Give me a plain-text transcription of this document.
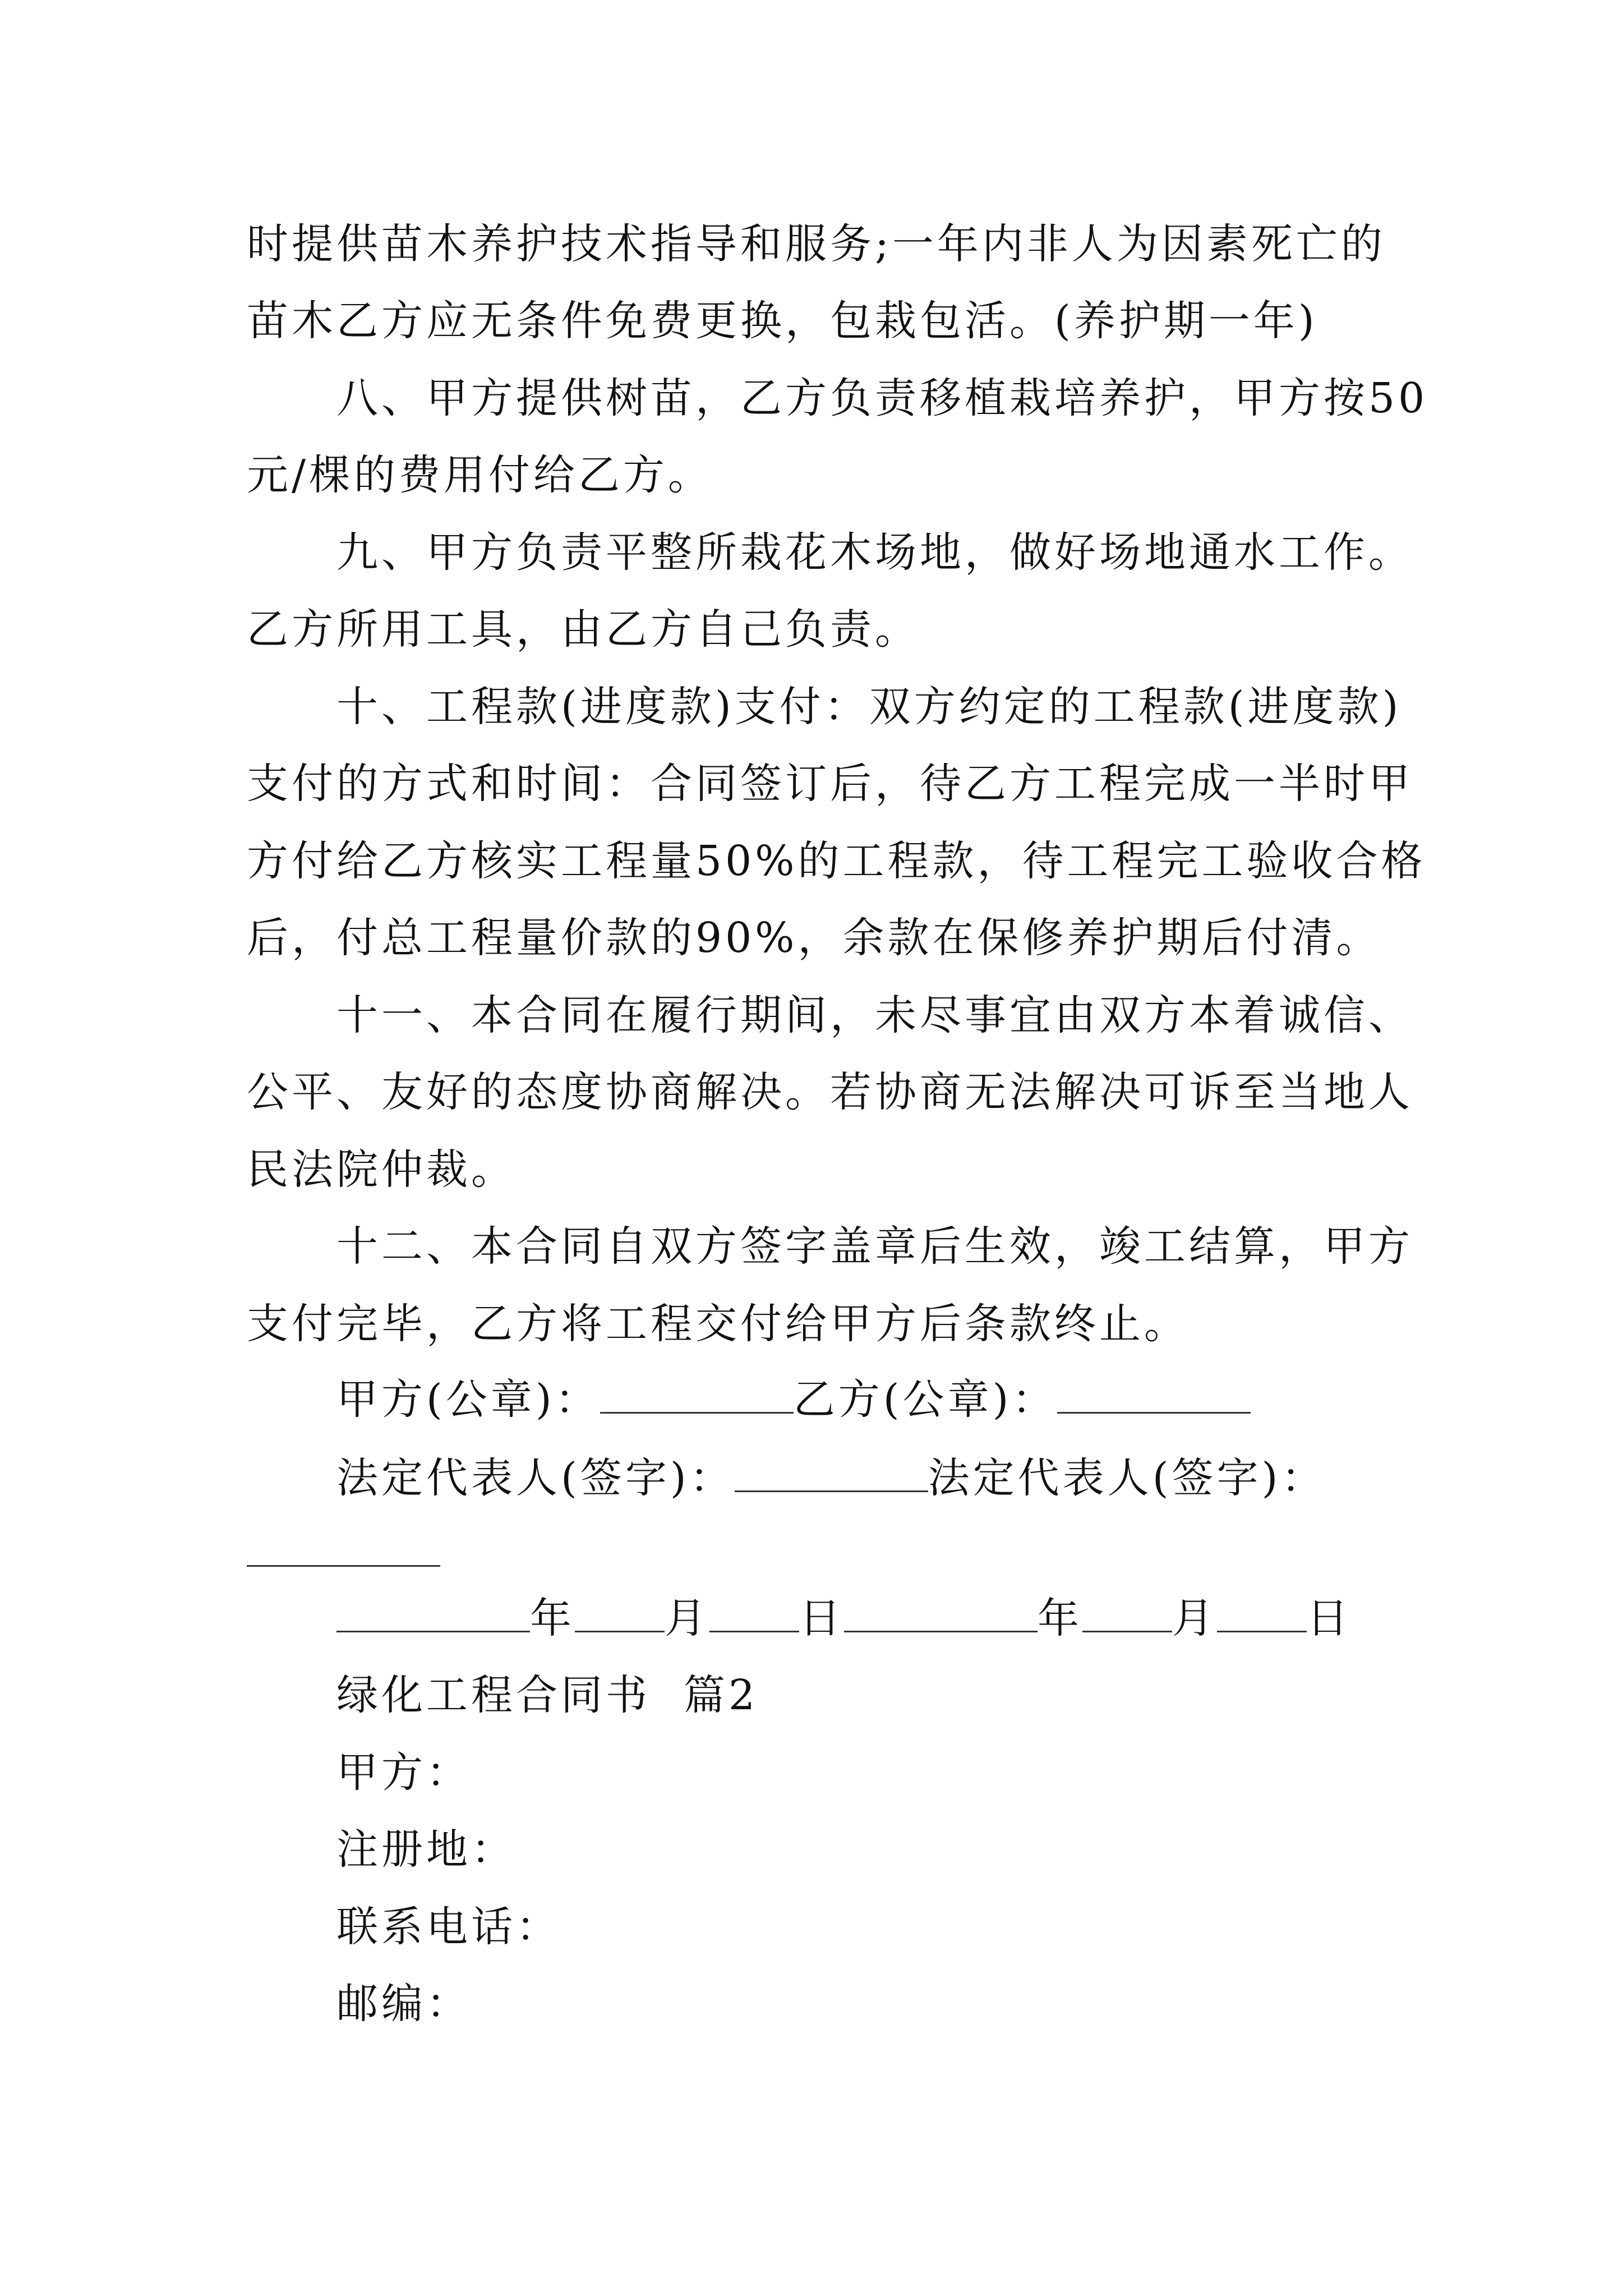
时提供苗木养护技术指导和服务;一年内非人为因素死亡的
苗木乙方应无条件免费更换，包栽包活。(养护期一年)
八、甲方提供树苗，乙方负责移植栽培养护，甲方按50
元/棵的费用付给乙方。
九、甲方负责平整所栽花木场地，做好场地通水工作。
乙方所用工具，由乙方自己负责。
十、工程款(进度款)支付：双方约定的工程款(进度款)
支付的方式和时间：合同签订后，待乙方工程完成一半时甲
方付给乙方核实工程量50%的工程款，待工程完工验收合格
后，付总工程量价款的90%，余款在保修养护期后付清。
十一、本合同在履行期间，未尽事宜由双方本着诚信、
公平、友好的态度协商解决。若协商无法解决可诉至当地人
民法院仲裁。
十二、本合同自双方签字盖章后生效，竣工结算，甲方
支付完毕，乙方将工程交付给甲方后条款终止。
甲方(公章)：	乙方(公章)：
法定代表人(签字)：	法定代表人(签字)：
年 月 日	年 月 日
绿化工程合同书  篇2
甲方：
注册地：
联系电话：
邮编：
